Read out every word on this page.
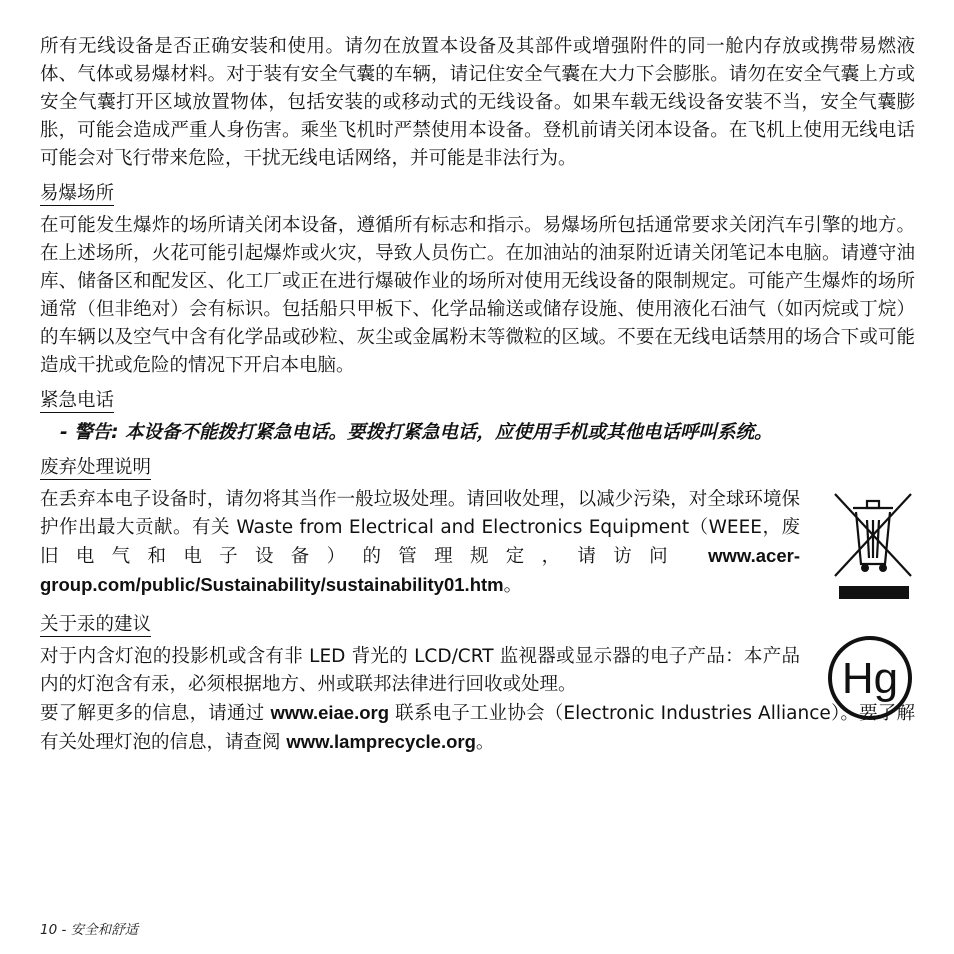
所有无线设备是否正确安装和使用。请勿在放置本设备及其部件或增强附件的同一舱内存放或携带易燃液体、气体或易爆材料。对于装有安全气囊的车辆，请记住安全气囊在大力下会膨胀。请勿在安全气囊上方或安全气囊打开区域放置物体，包括安装的或移动式的无线设备。如果车载无线设备安装不当，安全气囊膨胀，可能会造成严重人身伤害。乘坐飞机时严禁使用本设备。登机前请关闭本设备。在飞机上使用无线电话可能会对飞行带来危险，干扰无线电话网络，并可能是非法行为。

易爆场所

在可能发生爆炸的场所请关闭本设备，遵循所有标志和指示。易爆场所包括通常要求关闭汽车引擎的地方。在上述场所，火花可能引起爆炸或火灾，导致人员伤亡。在加油站的油泵附近请关闭笔记本电脑。请遵守油库、储备区和配发区、化工厂或正在进行爆破作业的场所对使用无线设备的限制规定。可能产生爆炸的场所通常（但非绝对）会有标识。包括船只甲板下、化学品输送或储存设施、使用液化石油气（如丙烷或丁烷）的车辆以及空气中含有化学品或砂粒、灰尘或金属粉末等微粒的区域。不要在无线电话禁用的场合下或可能造成干扰或危险的情况下开启本电脑。

紧急电话
- 警告: 本设备不能拨打紧急电话。要拨打紧急电话，应使用手机或其他电话呼叫系统。
废弃处理说明

在丢弃本电子设备时，请勿将其当作一般垃圾处理。请回收处理，以减少污染，对全球环境保护作出最大贡献。有关 Waste from Electrical and Electronics Equipment（WEEE，废旧电气和电子设备）的管理规定，请访问 www.acer-group.com/public/Sustainability/sustainability01.htm。

关于汞的建议

对于内含灯泡的投影机或含有非 LED 背光的 LCD/CRT 监视器或显示器的电子产品：本产品内的灯泡含有汞，必须根据地方、州或联邦法律进行回收或处理。

要了解更多的信息，请通过 www.eiae.org 联系电子工业协会（Electronic Industries Alliance）。要了解有关处理灯泡的信息，请查阅 www.lamprecycle.org。

Hg
10 - 安全和舒适
